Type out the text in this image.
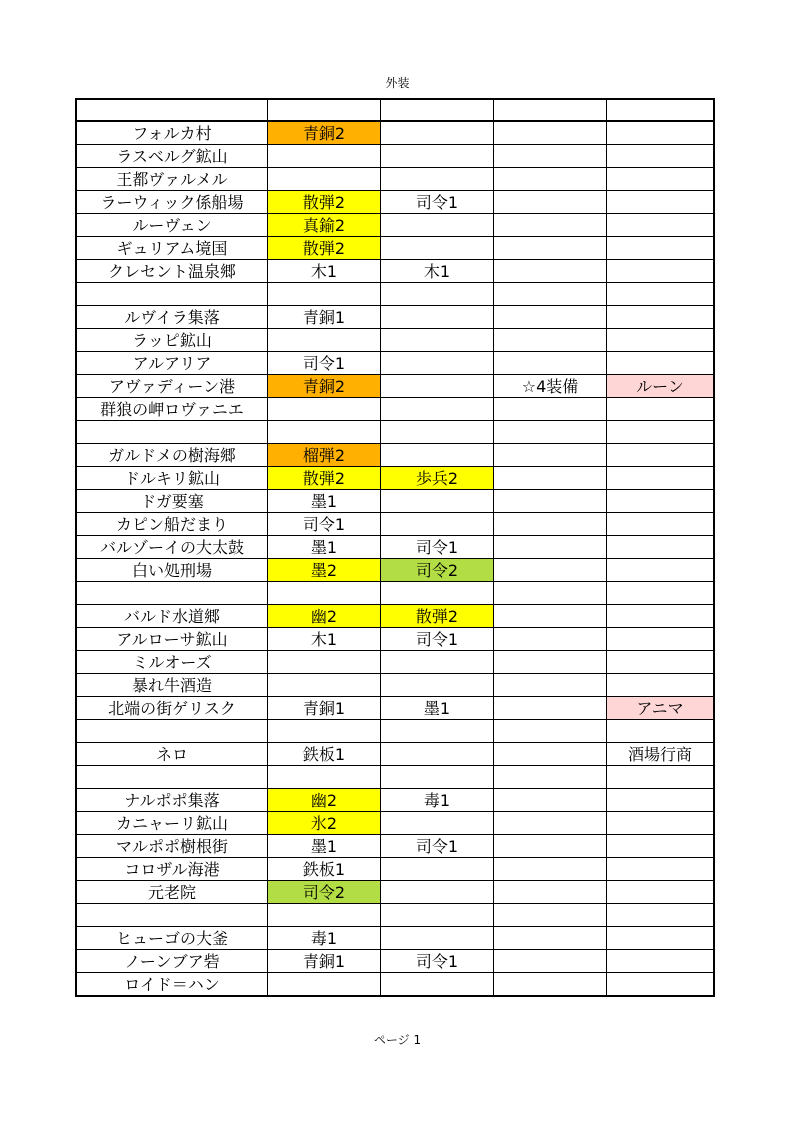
外装

フォルカ村	青銅2			
ラスベルグ鉱山				
王都ヴァルメル				
ラーウィック係船場	散弾2	司令1		
ルーヴェン	真鍮2			
ギュリアム境国	散弾2			
クレセント温泉郷	木1	木1		

ルヴイラ集落	青銅1			
ラッピ鉱山				
アルアリア	司令1			
アヴァディーン港	青銅2		☆4装備	ルーン
群狼の岬ロヴァニエ				

ガルドメの樹海郷	榴弾2			
ドルキリ鉱山	散弾2	歩兵2		
ドガ要塞	墨1			
カピン船だまり	司令1			
バルゾーイの大太鼓	墨1	司令1		
白い処刑場	墨2	司令2		

バルド水道郷	幽2	散弾2		
アルローサ鉱山	木1	司令1		
ミルオーズ				
暴れ牛酒造				
北端の街ゲリスク	青銅1	墨1		アニマ

ネロ	鉄板1			酒場行商

ナルポポ集落	幽2	毒1		
カニャーリ鉱山	氷2			
マルポポ樹根街	墨1	司令1		
コロザル海港	鉄板1			
元老院	司令2			

ヒューゴの大釜	毒1			
ノーンブア砦	青銅1	司令1		
ロイド＝ハン				
ページ 1
